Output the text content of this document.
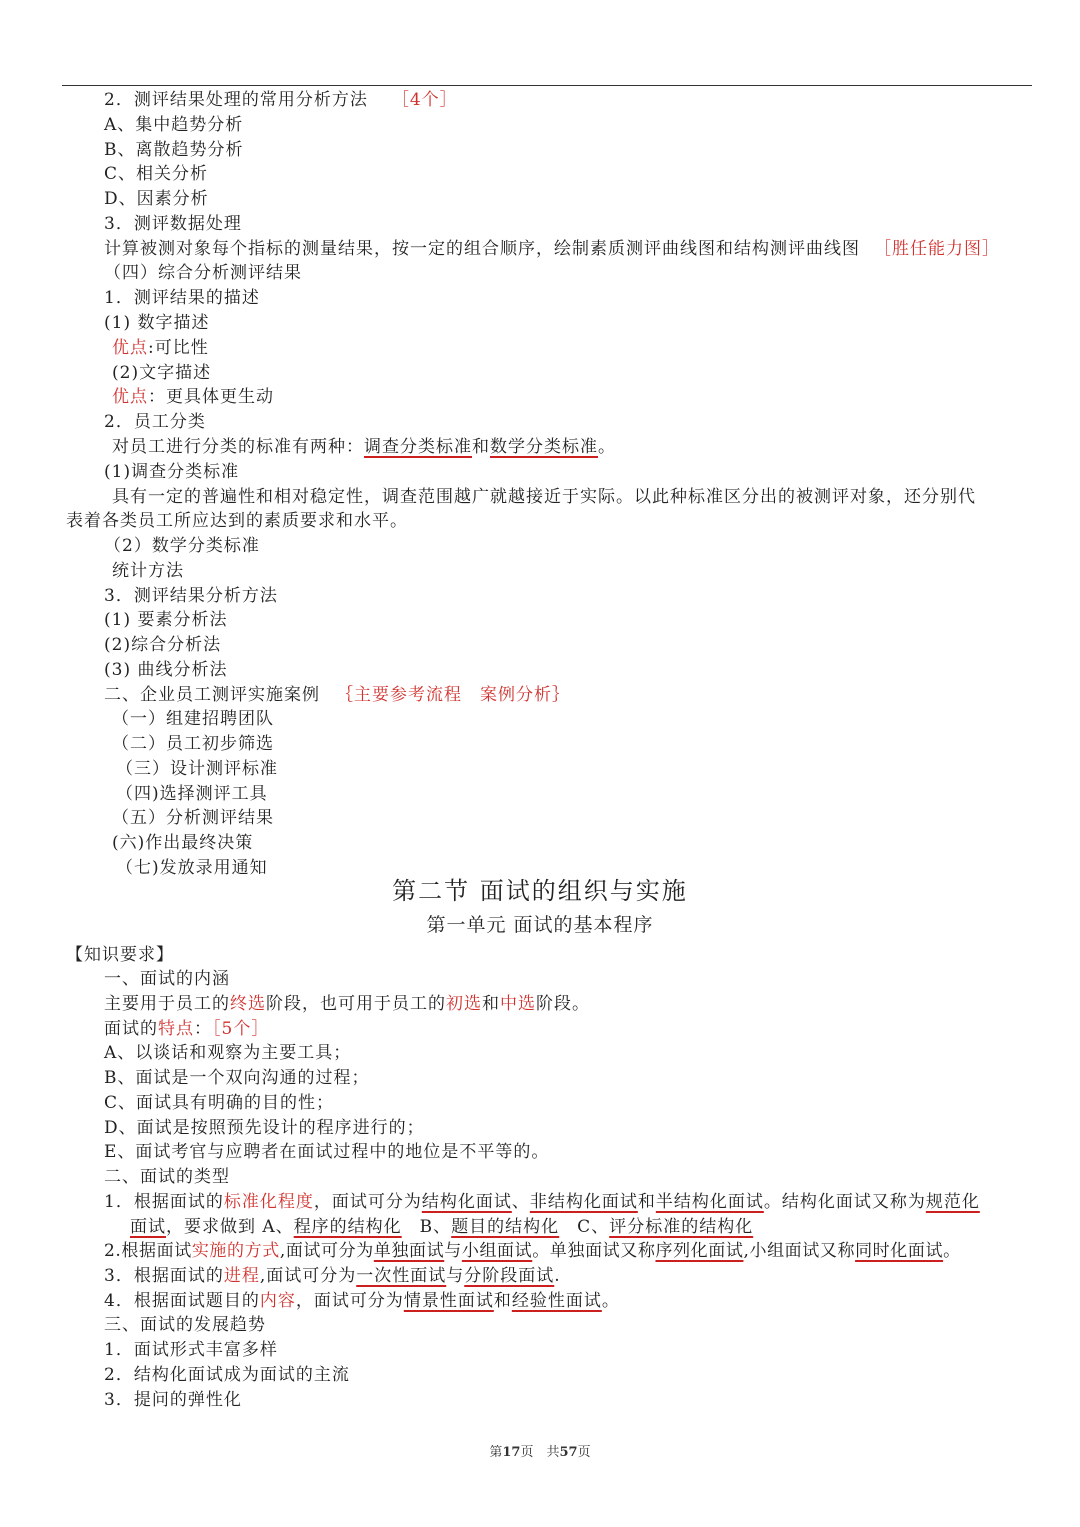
2．测评结果处理的常用分析方法 ［4个］
A、集中趋势分析
B、离散趋势分析
C、相关分析
D、因素分析
3．测评数据处理
计算被测对象每个指标的测量结果，按一定的组合顺序，绘制素质测评曲线图和结构测评曲线图 ［胜任能力图］
（四）综合分析测评结果
1．测评结果的描述
(1) 数字描述
优点:可比性
(2)文字描述
优点：更具体更生动
2．员工分类
对员工进行分类的标准有两种：调查分类标准和数学分类标准。
(1)调查分类标准
具有一定的普遍性和相对稳定性，调查范围越广就越接近于实际。以此种标准区分出的被测评对象，还分别代
表着各类员工所应达到的素质要求和水平。
（2）数学分类标准
统计方法
3．测评结果分析方法
(1) 要素分析法
(2)综合分析法
(3) 曲线分析法
二、企业员工测评实施案例 ｛主要参考流程　案例分析｝
（一）组建招聘团队
（二）员工初步筛选
（三）设计测评标准
（四)选择测评工具
（五）分析测评结果
(六)作出最终决策
（七)发放录用通知
第二节 面试的组织与实施
第一单元 面试的基本程序
【知识要求】
一、面试的内涵
主要用于员工的终选阶段，也可用于员工的初选和中选阶段。
面试的特点：［5个］
A、以谈话和观察为主要工具；
B、面试是一个双向沟通的过程；
C、面试具有明确的目的性；
D、面试是按照预先设计的程序进行的；
E、面试考官与应聘者在面试过程中的地位是不平等的。
二、面试的类型
1．根据面试的标准化程度，面试可分为结构化面试、非结构化面试和半结构化面试。结构化面试又称为规范化
面试，要求做到 A、程序的结构化　B、题目的结构化　C、评分标准的结构化
2.根据面试实施的方式,面试可分为单独面试与小组面试。单独面试又称序列化面试,小组面试又称同时化面试。
3．根据面试的进程,面试可分为一次性面试与分阶段面试.
4．根据面试题目的内容，面试可分为情景性面试和经验性面试。
三、面试的发展趋势
1．面试形式丰富多样
2．结构化面试成为面试的主流
3．提问的弹性化
第17页　共57页
